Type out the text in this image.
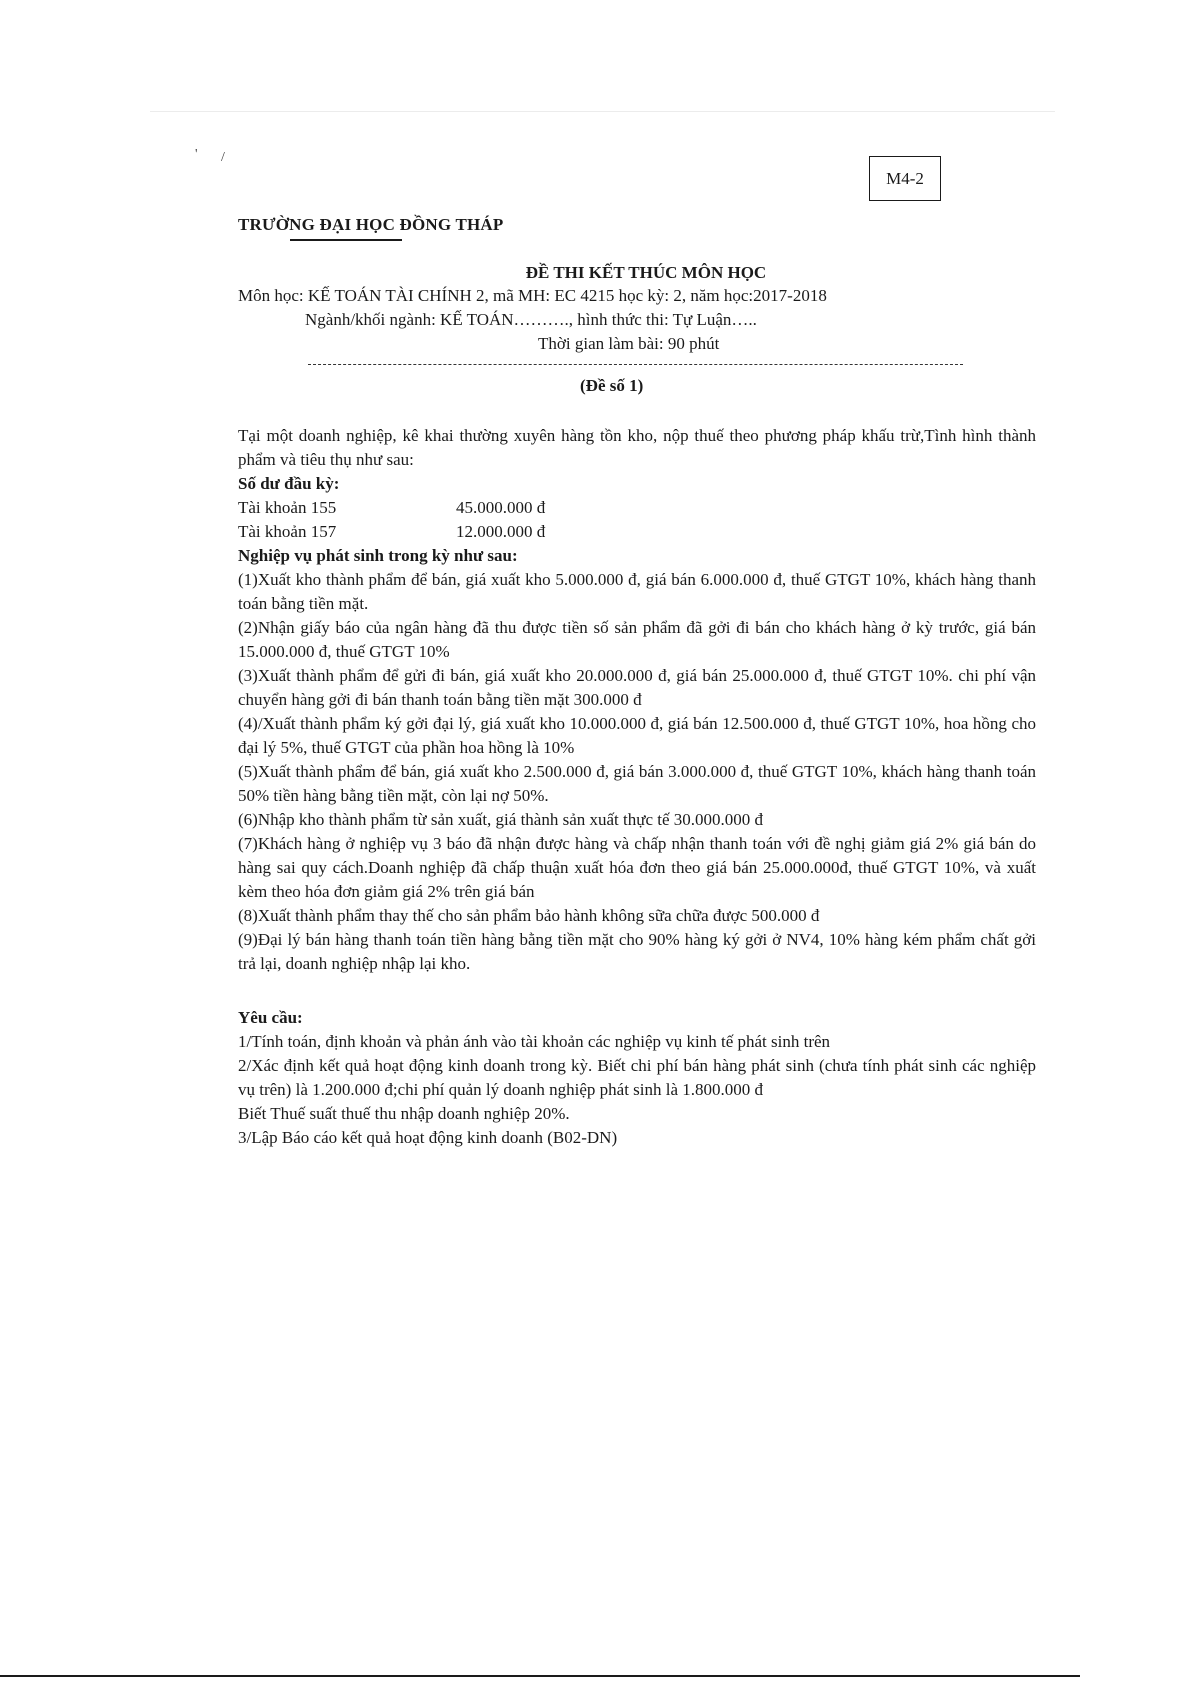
' /
M4-2
TRƯỜNG ĐẠI HỌC ĐỒNG THÁP
ĐỀ THI KẾT THÚC MÔN HỌC
Môn học: KẾ TOÁN TÀI CHÍNH 2, mã MH: EC 4215 học kỳ: 2, năm học:2017-2018
Ngành/khối ngành: KẾ TOÁN………., hình thức thi: Tự Luận…..
Thời gian làm bài: 90 phút
(Đề số 1)
Tại một doanh nghiệp, kê khai thường xuyên hàng tồn kho, nộp thuế theo phương pháp khấu trừ,Tình hình thành phẩm và tiêu thụ như sau:

Số dư đầu kỳ:

Tài khoản 155	45.000.000 đ
Tài khoản 157	12.000.000 đ

Nghiệp vụ phát sinh trong kỳ như sau:

(1)Xuất kho thành phẩm để bán, giá xuất kho 5.000.000 đ, giá bán 6.000.000 đ, thuế GTGT 10%, khách hàng thanh toán bằng tiền mặt.

(2)Nhận giấy báo của ngân hàng đã thu được tiền số sản phẩm đã gởi đi bán cho khách hàng ở kỳ trước, giá bán 15.000.000 đ, thuế GTGT 10%

(3)Xuất thành phẩm để gửi đi bán, giá xuất kho 20.000.000 đ, giá bán 25.000.000 đ, thuế GTGT 10%. chi phí vận chuyển hàng gởi đi bán thanh toán bằng tiền mặt 300.000 đ

(4)/Xuất thành phẩm ký gởi đại lý, giá xuất kho 10.000.000 đ, giá bán 12.500.000 đ, thuế GTGT 10%, hoa hồng cho đại lý 5%, thuế GTGT của phần hoa hồng là 10%

(5)Xuất thành phẩm để bán, giá xuất kho 2.500.000 đ, giá bán 3.000.000 đ, thuế GTGT 10%, khách hàng thanh toán 50% tiền hàng bằng tiền mặt, còn lại nợ 50%.

(6)Nhập kho thành phẩm từ sản xuất, giá thành sản xuất thực tế 30.000.000 đ

(7)Khách hàng ở nghiệp vụ 3 báo đã nhận được hàng và chấp nhận thanh toán với đề nghị giảm giá 2% giá bán do hàng sai quy cách.Doanh nghiệp đã chấp thuận xuất hóa đơn theo giá bán 25.000.000đ, thuế GTGT 10%, và xuất kèm theo hóa đơn giảm giá 2% trên giá bán

(8)Xuất thành phẩm thay thế cho sản phẩm bảo hành không sữa chữa được 500.000 đ

(9)Đại lý bán hàng thanh toán tiền hàng bằng tiền mặt cho 90% hàng ký gởi ở NV4, 10% hàng kém phẩm chất gởi trả lại, doanh nghiệp nhập lại kho.

Yêu cầu:

1/Tính toán, định khoản và phản ánh vào tài khoản các nghiệp vụ kinh tế phát sinh trên

2/Xác định kết quả hoạt động kinh doanh trong kỳ. Biết chi phí bán hàng phát sinh (chưa tính phát sinh các nghiệp vụ trên) là 1.200.000 đ;chi phí quản lý doanh nghiệp phát sinh là 1.800.000 đ

Biết Thuế suất thuế thu nhập doanh nghiệp 20%.

3/Lập Báo cáo kết quả hoạt động kinh doanh (B02-DN)
